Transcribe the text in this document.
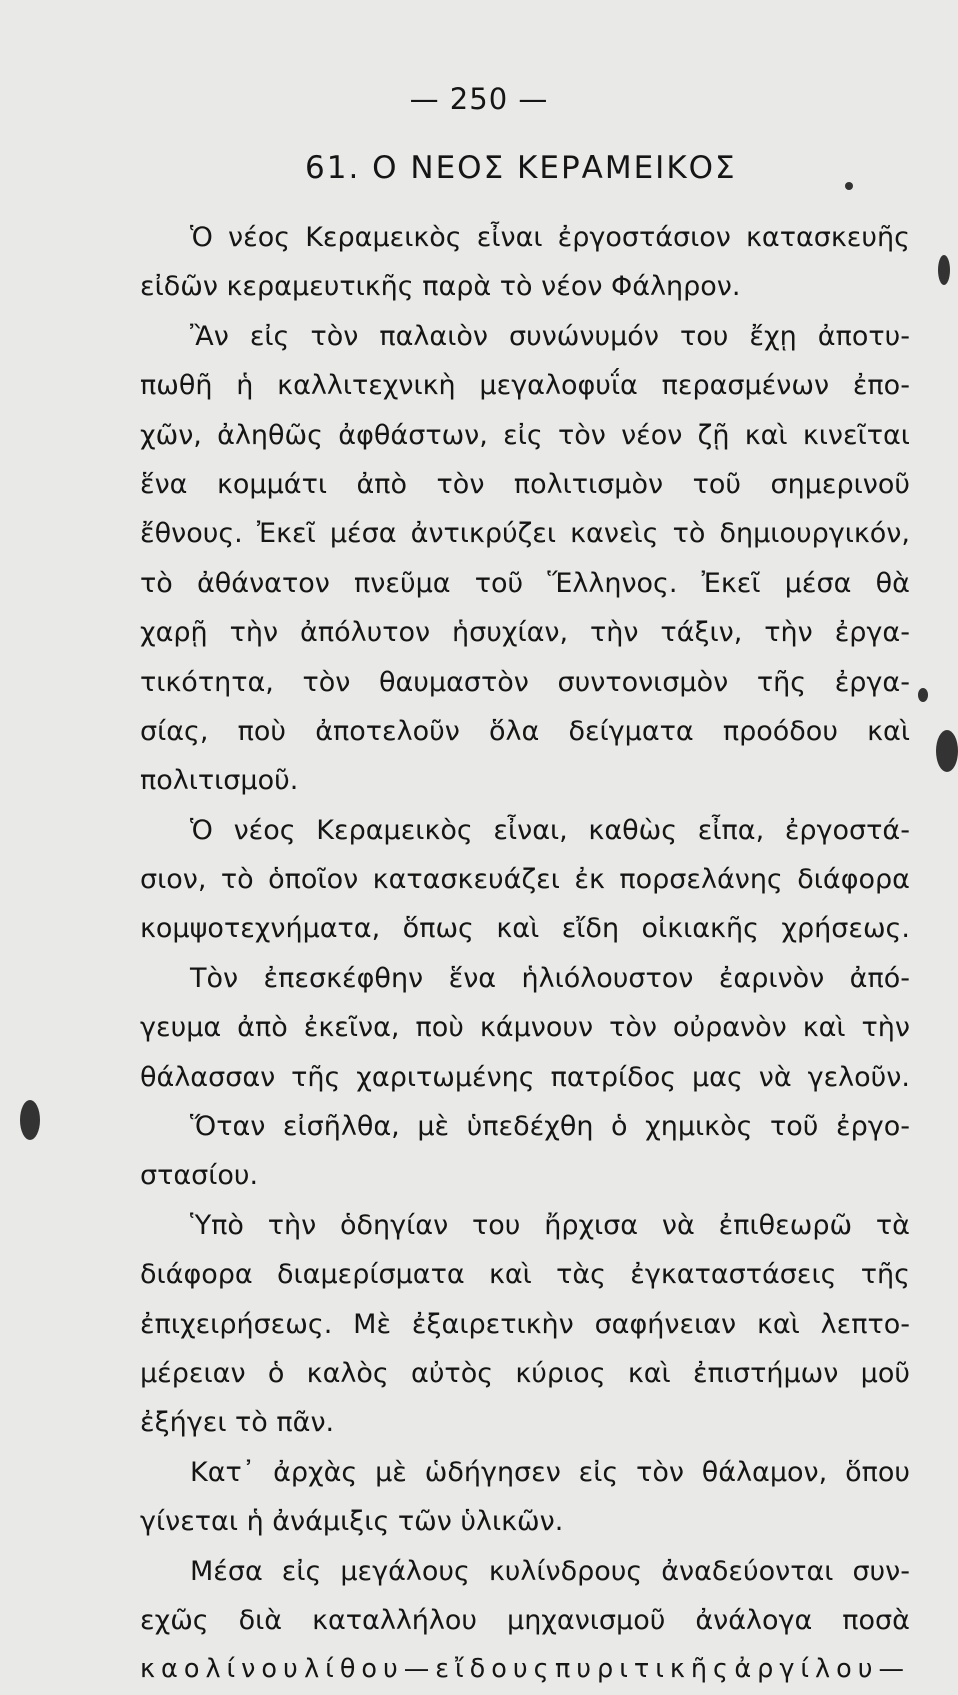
— 250 —
61. Ο ΝΕΟΣ ΚΕΡΑΜΕΙΚΟΣ
Ὁ νέος Κεραμεικὸς εἶναι ἐργοστάσιον κατασκευῆς
εἰδῶν κεραμευτικῆς παρὰ τὸ νέον Φάληρον.
Ἂν εἰς τὸν παλαιὸν συνώνυμόν του ἔχῃ ἀποτυ-
πωθῆ ἡ καλλιτεχνικὴ μεγαλοφυΐα περασμένων ἐπο-
χῶν, ἀληθῶς ἀφθάστων, εἰς τὸν νέον ζῇ καὶ κινεῖται
ἕνα κομμάτι ἀπὸ τὸν πολιτισμὸν τοῦ σημερινοῦ
ἔθνους. Ἐκεῖ μέσα ἀντικρύζει κανεὶς τὸ δημιουργικόν,
τὸ ἀθάνατον πνεῦμα τοῦ Ἕλληνος. Ἐκεῖ μέσα θὰ
χαρῇ τὴν ἀπόλυτον ἡσυχίαν, τὴν τάξιν, τὴν ἐργα-
τικότητα, τὸν θαυμαστὸν συντονισμὸν τῆς ἐργα-
σίας, ποὺ ἀποτελοῦν ὅλα δείγματα προόδου καὶ
πολιτισμοῦ.
Ὁ νέος Κεραμεικὸς εἶναι, καθὼς εἶπα, ἐργοστά-
σιον, τὸ ὁποῖον κατασκευάζει ἐκ πορσελάνης διάφορα
κομψοτεχνήματα, ὅπως καὶ εἴδη οἰκιακῆς χρήσεως.
Τὸν ἐπεσκέφθην ἕνα ἡλιόλουστον ἐαρινὸν ἀπό-
γευμα ἀπὸ ἐκεῖνα, ποὺ κάμνουν τὸν οὐρανὸν καὶ τὴν
θάλασσαν τῆς χαριτωμένης πατρίδος μας νὰ γελοῦν.
Ὅταν εἰσῆλθα, μὲ ὑπεδέχθη ὁ χημικὸς τοῦ ἐργο-
στασίου.
Ὑπὸ τὴν ὁδηγίαν του ἤρχισα νὰ ἐπιθεωρῶ τὰ
διάφορα διαμερίσματα καὶ τὰς ἐγκαταστάσεις τῆς
ἐπιχειρήσεως. Μὲ ἐξαιρετικὴν σαφήνειαν καὶ λεπτο-
μέρειαν ὁ καλὸς αὐτὸς κύριος καὶ ἐπιστήμων μοῦ
ἐξήγει τὸ πᾶν.
Κατ᾽ ἀρχὰς μὲ ὡδήγησεν εἰς τὸν θάλαμον, ὅπου
γίνεται ἡ ἀνάμιξις τῶν ὑλικῶν.
Μέσα εἰς μεγάλους κυλίνδρους ἀναδεύονται συν-
εχῶς διὰ καταλλήλου μηχανισμοῦ ἀνάλογα ποσὰ
καολίνου λίθου—εἴδους πυριτικῆς ἀργίλου—
